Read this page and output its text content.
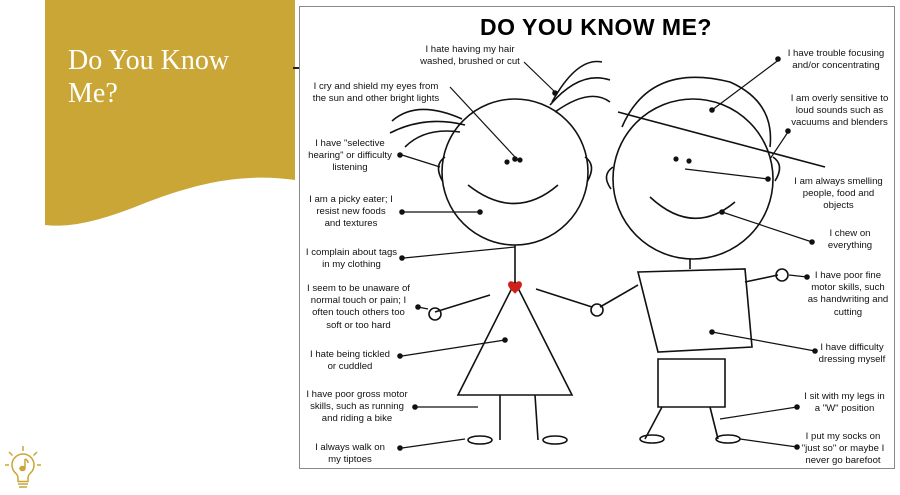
Do You Know Me?
DO YOU KNOW ME?
I hate having my hair
washed, brushed or cut
I cry and shield my eyes from
the sun and other bright lights
I have "selective
hearing" or difficulty
listening
I am a picky eater; I
resist new foods
and textures
I complain about tags
in my clothing
I seem to be unaware of
normal touch or pain; I
often touch others too
soft or too hard
I hate being tickled
or cuddled
I have poor gross motor
skills, such as running
and riding a bike
I always walk on
my tiptoes
I have trouble focusing
and/or concentrating
I am overly sensitive to
loud sounds such as
vacuums and blenders
I am always smelling
people, food and
objects
I chew on
everything
I have poor fine
motor skills, such
as handwriting and
cutting
I have difficulty
dressing myself
I sit with my legs in
a "W" position
I put my socks on
"just so" or maybe I
never go barefoot
